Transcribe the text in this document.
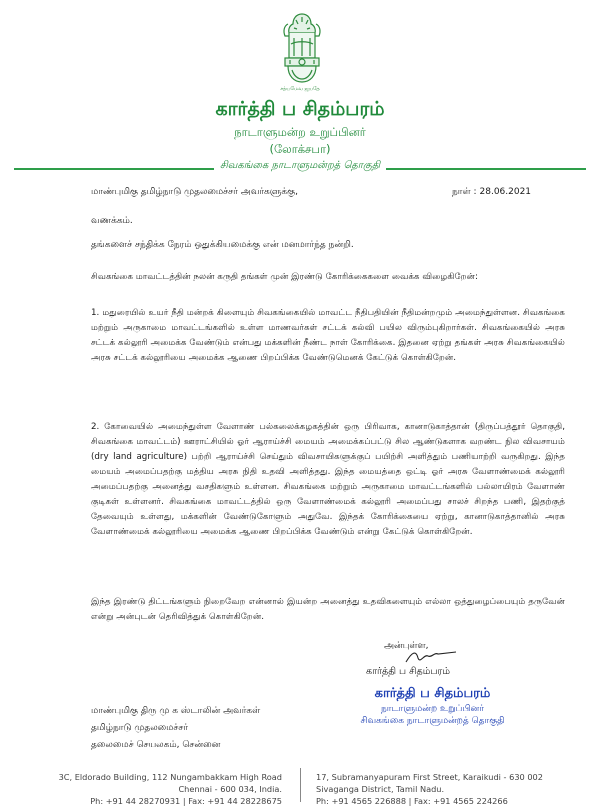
சத்யமேவ ஜயதே
கார்த்தி ப சிதம்பரம்
நாடாளுமன்ற உறுப்பினர்
(லோக்சபா)
சிவகங்கை நாடாளுமன்றத் தொகுதி
மாண்புமிகு தமிழ்நாடு முதலமைச்சர் அவர்களுக்கு,	நாள் : 28.06.2021
வணக்கம்.
தங்களைச் சந்திக்க நேரம் ஒதுக்கியமைக்கு என் மனமார்ந்த நன்றி.

சிவகங்கை மாவட்டத்தின் நலன் கருதி தங்கள் முன் இரண்டு கோரிக்கைகளை வைக்க விழைகிறேன்:

1. மதுரையில் உயர் நீதி மன்றக் கிளையும் சிவகங்கையில் மாவட்ட நீதிபதியின் நீதிமன்றமும் அமைந்துள்ளன. சிவகங்கை மற்றும் அருகாமை மாவட்டங்களில் உள்ள மாணவர்கள் சட்டக் கல்வி பயில விரும்புகிறார்கள். சிவகங்கையில் அரசு சட்டக் கல்லூரி அமைக்க வேண்டும் என்பது மக்களின் நீண்ட நாள் கோரிக்கை. இதனை ஏற்று தங்கள் அரசு சிவகங்கையில் அரசு சட்டக் கல்லூரியை அமைக்க ஆணை பிறப்பிக்க வேண்டுமெனக் கேட்டுக் கொள்கிறேன்.

2. கோவையில் அமைந்துள்ள வேளாண் பல்கலைக்கழகத்தின் ஒரு பிரிவாக, கானாடுகாத்தான் (திருப்பத்தூர் தொகுதி, சிவகங்கை மாவட்டம்) ஊராட்சியில் ஓர் ஆராய்ச்சி மையம் அமைக்கப்பட்டு சில ஆண்டுகளாக வறண்ட நில விவசாயம் (dry land agriculture) பற்றி ஆராய்ச்சி செய்தும் விவசாயிகளுக்குப் பயிற்சி அளித்தும் பணியாற்றி வருகிறது. இந்த மையம் அமைப்பதற்கு மத்திய அரசு நிதி உதவி அளித்தது. இந்த மையத்தை ஒட்டி ஓர் அரசு வேளாண்மைக் கல்லூரி அமைப்பதற்கு அனைத்து வசதிகளும் உள்ளன. சிவகங்கை மற்றும் அருகாமை மாவட்டங்களில் பல்லாயிரம் வேளாண் குடிகள் உள்ளனர். சிவகங்கை மாவட்டத்தில் ஒரு வேளாண்மைக் கல்லூரி அமைப்பது சாலச் சிறந்த பணி, இதற்குத் தேவையும் உள்ளது, மக்களின் வேண்டுகோளும் அதுவே. இந்தக் கோரிக்கையை ஏற்று, கானாடுகாத்தானில் அரசு வேளாண்மைக் கல்லூரியை அமைக்க ஆணை பிறப்பிக்க வேண்டும் என்று கேட்டுக் கொள்கிறேன்.

இந்த இரண்டு திட்டங்களும் நிறைவேற என்னால் இயன்ற அனைத்து உதவிகளையும் எல்லா ஒத்துழைப்பையும் தருவேன் என்று அன்புடன் தெரிவித்துக் கொள்கிறேன்.

அன்புள்ள,
கார்த்தி ப சிதம்பரம்
கார்த்தி ப சிதம்பரம்
நாடாளுமன்ற உறுப்பினர்
சிவகங்கை நாடாளுமன்றத் தொகுதி
மாண்புமிகு திரு மு க ஸ்டாலின் அவர்கள்
தமிழ்நாடு முதலமைச்சர்
தலைமைச் செயலகம், சென்னை
3C, Eldorado Building, 112 Nungambakkam High Road
Chennai - 600 034, India.
Ph: +91 44 28270931 | Fax: +91 44 28228675
17, Subramanyapuram First Street, Karaikudi - 630 002
Sivaganga District, Tamil Nadu.
Ph: +91 4565 226888 | Fax: +91 4565 224266
